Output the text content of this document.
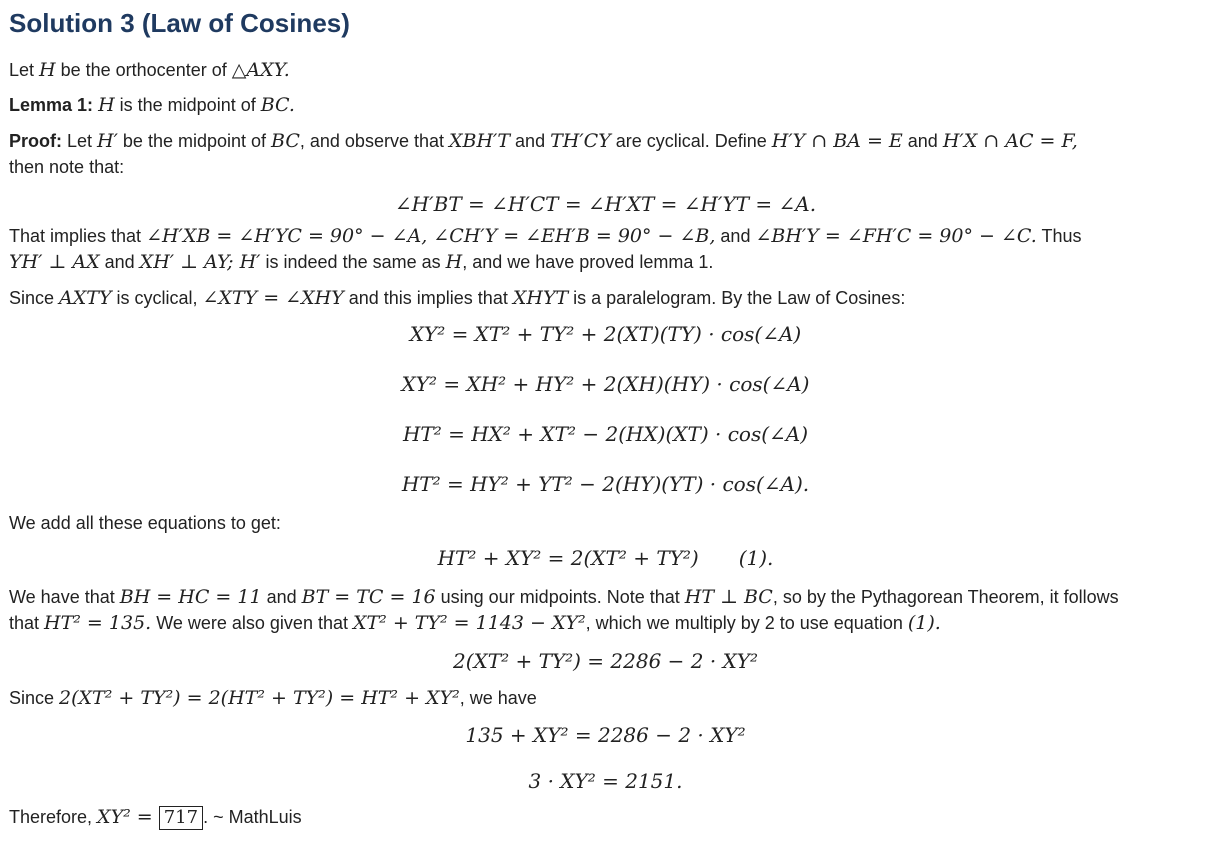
Solution 3 (Law of Cosines)
Let H be the orthocenter of △AXY.
Lemma 1: H is the midpoint of BC.
Proof: Let H′ be the midpoint of BC, and observe that XBH′T and TH′CY are cyclical. Define H′Y ∩ BA = E and H′X ∩ AC = F,
then note that:
∠H′BT = ∠H′CT = ∠H′XT = ∠H′YT = ∠A.
That implies that ∠H′XB = ∠H′YC = 90° − ∠A, ∠CH′Y = ∠EH′B = 90° − ∠B, and ∠BH′Y = ∠FH′C = 90° − ∠C. Thus
YH′ ⊥ AX and XH′ ⊥ AY; H′ is indeed the same as H, and we have proved lemma 1.
Since AXTY is cyclical, ∠XTY = ∠XHY and this implies that XHYT is a paralelogram. By the Law of Cosines:
XY² = XT² + TY² + 2(XT)(TY) · cos(∠A)
XY² = XH² + HY² + 2(XH)(HY) · cos(∠A)
HT² = HX² + XT² − 2(HX)(XT) · cos(∠A)
HT² = HY² + YT² − 2(HY)(YT) · cos(∠A).
We add all these equations to get:
HT² + XY² = 2(XT² + TY²)  (1).
We have that BH = HC = 11 and BT = TC = 16 using our midpoints. Note that HT ⊥ BC, so by the Pythagorean Theorem, it follows
that HT² = 135. We were also given that XT² + TY² = 1143 − XY², which we multiply by 2 to use equation (1).
2(XT² + TY²) = 2286 − 2 · XY²
Since 2(XT² + TY²) = 2(HT² + TY²) = HT² + XY², we have
135 + XY² = 2286 − 2 · XY²
3 · XY² = 2151.
Therefore, XY² = 717 . ~ MathLuis
